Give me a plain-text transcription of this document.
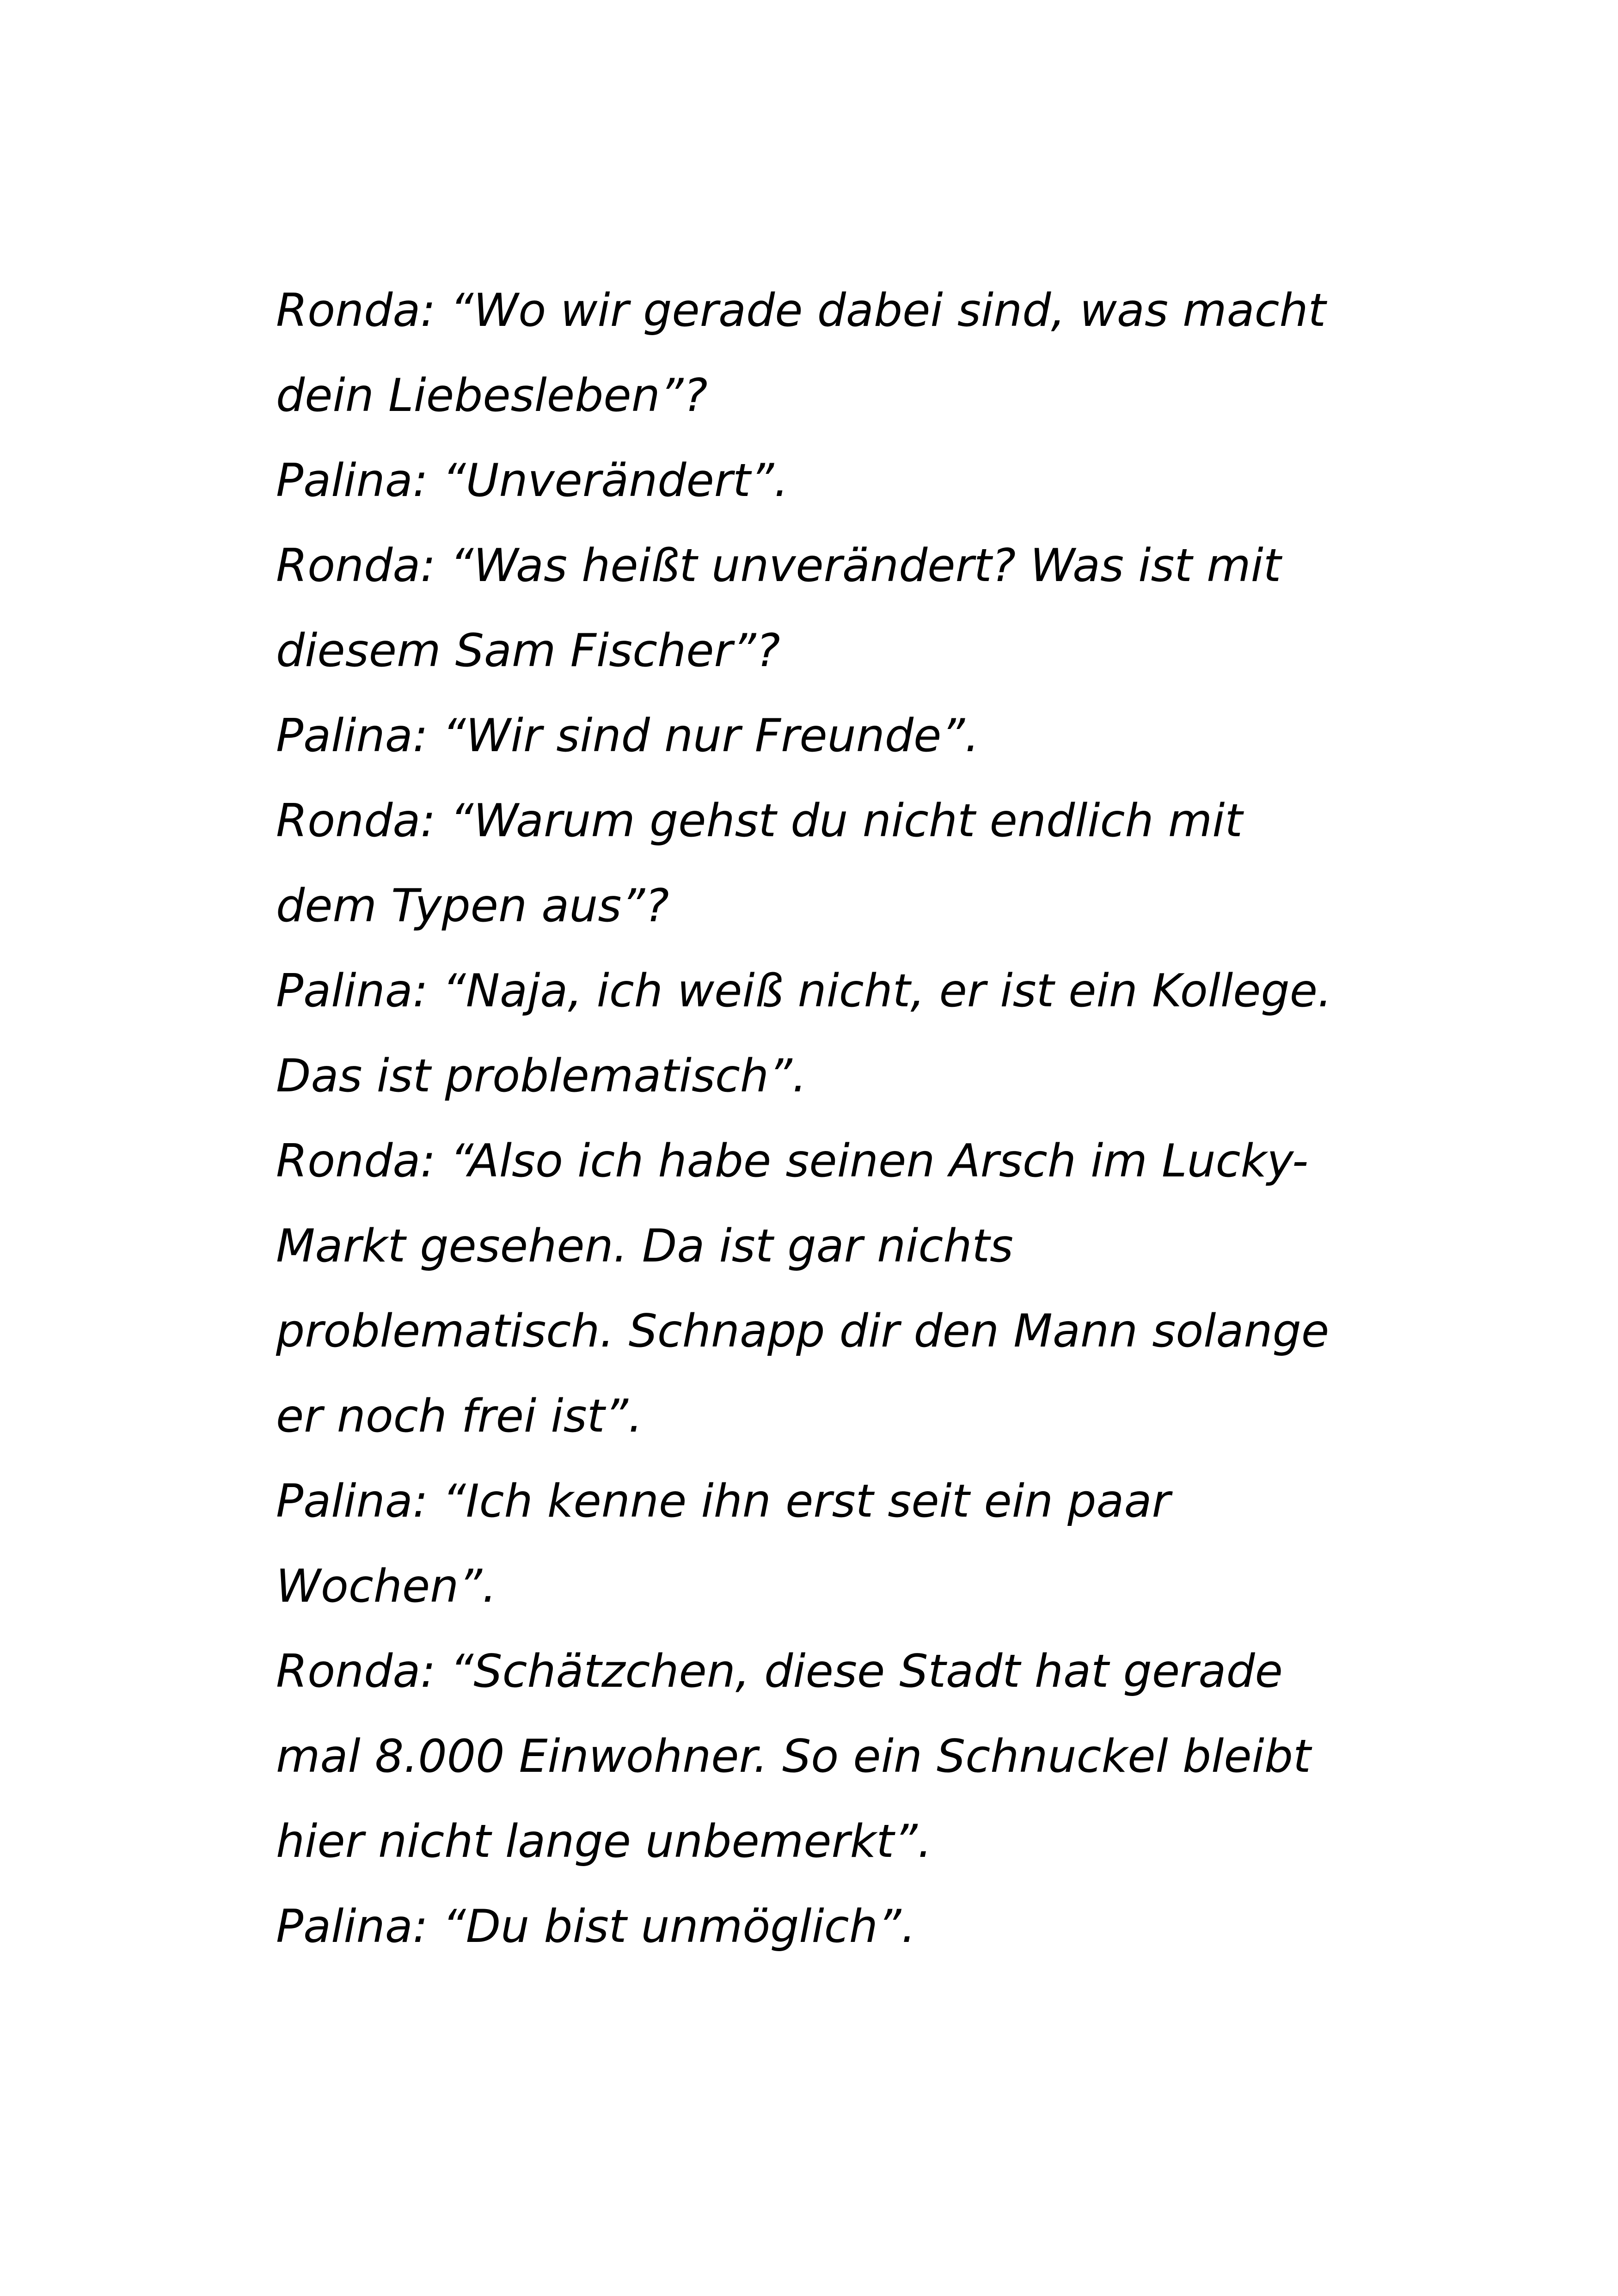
Ronda: “Wo wir gerade dabei sind, was macht
dein Liebesleben”?
Palina: “Unverändert”.
Ronda: “Was heißt unverändert? Was ist mit
diesem Sam Fischer”?
Palina: “Wir sind nur Freunde”.
Ronda: “Warum gehst du nicht endlich mit
dem Typen aus”?
Palina: “Naja, ich weiß nicht, er ist ein Kollege.
Das ist problematisch”.
Ronda: “Also ich habe seinen Arsch im Lucky-
Markt gesehen. Da ist gar nichts
problematisch. Schnapp dir den Mann solange
er noch frei ist”.
Palina: “Ich kenne ihn erst seit ein paar
Wochen”.
Ronda: “Schätzchen, diese Stadt hat gerade
mal 8.000 Einwohner. So ein Schnuckel bleibt
hier nicht lange unbemerkt”.
Palina: “Du bist unmöglich”.
